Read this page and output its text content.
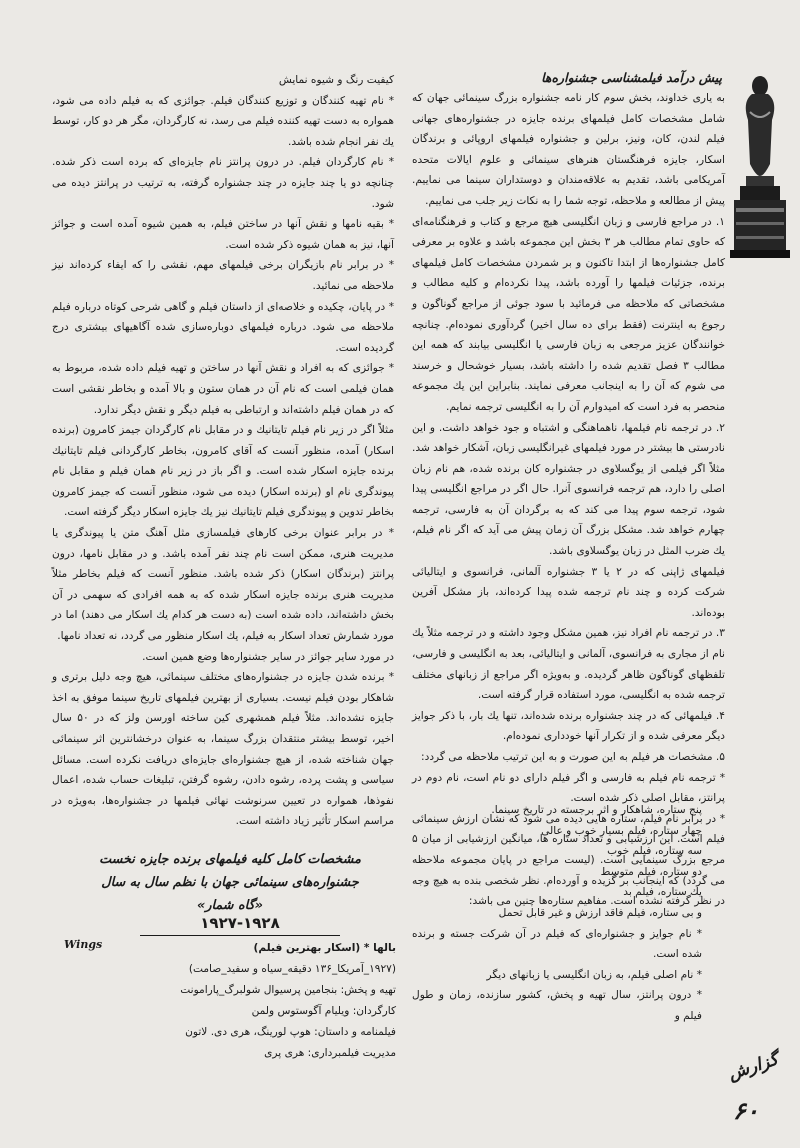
پیش درآمد فیلمشناسی جشنواره‌ها

به یاری خداوند، بخش سوم کار نامه جشنواره بزرگ سینمائی جهان که شامل مشخصات کامل فیلمهای برنده جایزه در جشنواره‌های جهانی فیلم لندن، کان، ونیز، برلین و جشنواره فیلمهای اروپائی و برندگان اسکار، جایزه فرهنگستان هنرهای سینمائی و علوم ایالات متحده آمریکامی باشد، تقدیم به علاقه‌مندان و دوستداران سینما می نماییم. پیش از مطالعه و ملاحظه، توجه شما را به نکات زیر جلب می نماییم.

۱. در مراجع فارسی و زبان انگلیسی هیچ مرجع و کتاب و فرهنگنامه‌ای که حاوی تمام مطالب هر ۳ بخش این مجموعه باشد و علاوه بر معرفی کامل جشنواره‌ها از ابتدا تاکنون و بر شمردن مشخصات کامل فیلمهای برنده، جزئیات فیلمها را آورده باشد، پیدا نکرده‌ام و کلیه مطالب و مشخصاتی که ملاحظه می فرمائید با سود جوئی از مراجع گوناگون و رجوع به اینترنت (فقط برای ده سال اخیر) گردآوری نموده‌ام. چنانچه خوانندگان عزیز مرجعی به زبان فارسی یا انگلیسی بیابند که همه این مطالب ۳ فصل تقدیم شده را داشته باشد، بسیار خوشحال و خرسند می شوم که آن را به اینجانب معرفی نمایند. بنابراین این یك مجموعه منحصر به فرد است که امیدوارم آن را به انگلیسی ترجمه نمایم.

۲. در ترجمه نام فیلمها، ناهماهنگی و اشتباه و جود خواهد داشت. و این نادرستی ها بیشتر در مورد فیلمهای غیرانگلیسی زبان، آشکار خواهد شد. مثلاً اگر فیلمی از یوگسلاوی در جشنواره کان برنده شده، هم نام زبان اصلی را دارد، هم ترجمه فرانسوی آنرا. حال اگر در مراجع انگلیسی پیدا شود، ترجمه سوم پیدا می کند که به برگردان آن به فارسی، ترجمه چهارم خواهد شد. مشکل بزرگ آن زمان پیش می آید که اگر نام فیلم، یك ضرب المثل در زبان یوگسلاوی باشد.

فیلمهای ژاپنی که در ۲ یا ۳ جشنواره آلمانی، فرانسوی و ایتالیائی شرکت کرده و چند نام ترجمه شده پیدا کرده‌اند، باز مشکل آفرین بوده‌اند.

۳. در ترجمه نام افراد نیز، همین مشکل وجود داشته و در ترجمه مثلاً یك نام از مجاری به فرانسوی، آلمانی و ایتالیائی، بعد به انگلیسی و فارسی، تلفظهای گوناگون ظاهر گردیده. و به‌ویژه اگر مراجع از زبانهای مختلف ترجمه شده به انگلیسی، مورد استفاده قرار گرفته است.

۴. فیلمهائی که در چند جشنواره برنده شده‌اند، تنها یك بار، با ذکر جوایز دیگر معرفی شده و از تکرار آنها خودداری نموده‌ام.

۵. مشخصات هر فیلم به این صورت و به این ترتیب ملاحظه می گردد:

* ترجمه نام فیلم به فارسی و اگر فیلم دارای دو نام است، نام دوم در پرانتز، مقابل اصلی ذکر شده است.

* در برابر نام فیلم، ستاره هایی دیده می شود که نشان ارزش سینمائی فیلم است. این ارزشیابی و تعداد ستاره ها، میانگین ارزشیابی از میان ۵ مرجع بزرگ سینمایی است. (لیست مراجع در پایان مجموعه ملاحظه می گردد) که اینجانب بر گزیده و آورده‌ام. نظر شخصی بنده به هیچ وجه در نظر گرفته نشده است. مفاهیم ستاره‌ها چنین می باشد:

پنج ستاره، شاهکار و اثر برجسته در تاریخ سینما.

چهار ستاره، فیلم بسیار خوب و عالی

سه ستاره، فیلم خوب

دو ستاره، فیلم متوسط

یك ستاره، فیلم بد

و بی ستاره، فیلم فاقد ارزش و غیر قابل تحمل

* نام جوایز و جشنواره‌ای که فیلم در آن شرکت جسته و برنده شده است.

* نام اصلی فیلم، به زبان انگلیسی یا زبانهای دیگر

* درون پرانتز، سال تهیه و پخش، کشور سازنده، زمان و طول فیلم و

کیفیت رنگ و شیوه نمایش

* نام تهیه کنندگان و توزیع کنندگان فیلم. جوائزی که به فیلم داده می شود، همواره به دست تهیه کننده فیلم می رسد، نه کارگردان، مگر هر دو کار، توسط یك نفر انجام شده باشد.

* نام کارگردان فیلم. در درون پرانتز نام جایزه‌ای که برده است ذکر شده. چنانچه دو یا چند جایزه در چند جشنواره گرفته، به ترتیب در پرانتز دیده می شود.

* بقیه نامها و نقش آنها در ساختن فیلم، به همین شیوه آمده است و جوائز آنها، نیز به همان شیوه ذکر شده است.

* در برابر نام بازیگران برخی فیلمهای مهم، نقشی را که ایفاء کرده‌اند نیز ملاحظه می نمائید.

* در پایان، چکیده و خلاصه‌ای از داستان فیلم و گاهی شرحی کوتاه درباره فیلم ملاحظه می شود. درباره فیلمهای دوباره‌سازی شده آگاهیهای بیشتری درج گردیده است.

* جوائزی که به افراد و نقش آنها در ساختن و تهیه فیلم داده شده، مربوط به همان فیلمی است که نام آن در همان ستون و بالا آمده و بخاطر نقشی است که در همان فیلم داشته‌اند و ارتباطی به فیلم دیگر و نقش دیگر ندارد.

مثلاً اگر در زیر نام فیلم تایتانیك و در مقابل نام کارگردان جیمز کامرون (برنده اسکار) آمده، منظور آنست که آقای کامرون، بخاطر کارگردانی فیلم تایتانیك برنده جایزه اسکار شده است. و اگر باز در زیر نام همان فیلم و مقابل نام پیوندگری نام او (برنده اسکار) دیده می شود، منظور آنست که جیمز کامرون بخاطر تدوین و پیوندگری فیلم تایتانیك نیز یك جایزه اسکار دیگر گرفته است.

* در برابر عنوان برخی کارهای فیلمسازی مثل آهنگ متن یا پیوندگری یا مدیریت هنری، ممکن است نام چند نفر آمده باشد. و در مقابل نامها، درون پرانتز (برندگان اسکار) ذکر شده باشد. منظور آنست که فیلم بخاطر مثلاً مدیریت هنری برنده جایزه اسکار شده که به همه افرادی که سهمی در آن بخش داشته‌اند، داده شده است (به دست هر کدام یك اسکار می دهند) اما در مورد شمارش تعداد اسکار به فیلم، یك اسکار منظور می گردد، نه تعداد نامها.

در مورد سایر جوائز در سایر جشنواره‌ها وضع همین است.

* برنده شدن جایزه در جشنواره‌های مختلف سینمائی، هیچ وجه دلیل برتری و شاهکار بودن فیلم نیست. بسیاری از بهترین فیلمهای تاریخ سینما موفق به اخذ جایزه نشده‌اند. مثلاً فیلم همشهری کین ساخته اورسن ولز که در ۵۰ سال اخیر، توسط بیشتر منتقدان بزرگ سینما، به عنوان درخشانترین اثر سینمائی جهان شناخته شده، از هیچ جشنواره‌ای جایزه‌ای دریافت نکرده است. مسائل سیاسی و پشت پرده، رشوه دادن، رشوه گرفتن، تبلیغات حساب شده، اعمال نفوذها، همواره در تعیین سرنوشت نهائی فیلمها در جشنواره‌ها، به‌ویژه در مراسم اسکار تأثیر زیاد داشته است.

مشخصات کامل کلیه فیلمهای برنده جایزه نخست
جشنواره‌های سینمائی جهان با نظم سال به سال «گاه شمار»
۱۹۲۷-۱۹۲۸
Wings	بالها * (اسکار بهترین فیلم)

(۱۹۲۷_آمریکا_۱۳۶ دقیقه_سیاه و سفید_صامت)

تهیه و پخش: بنجامین پرسیوال شولبرگ_پارامونت

کارگردان: ویلیام آگوستوس ولمن

فیلمنامه و داستان: هوپ لورینگ، هری دی. لاتون

مدیریت فیلمبرداری: هری پری	گزارش
۶۰
